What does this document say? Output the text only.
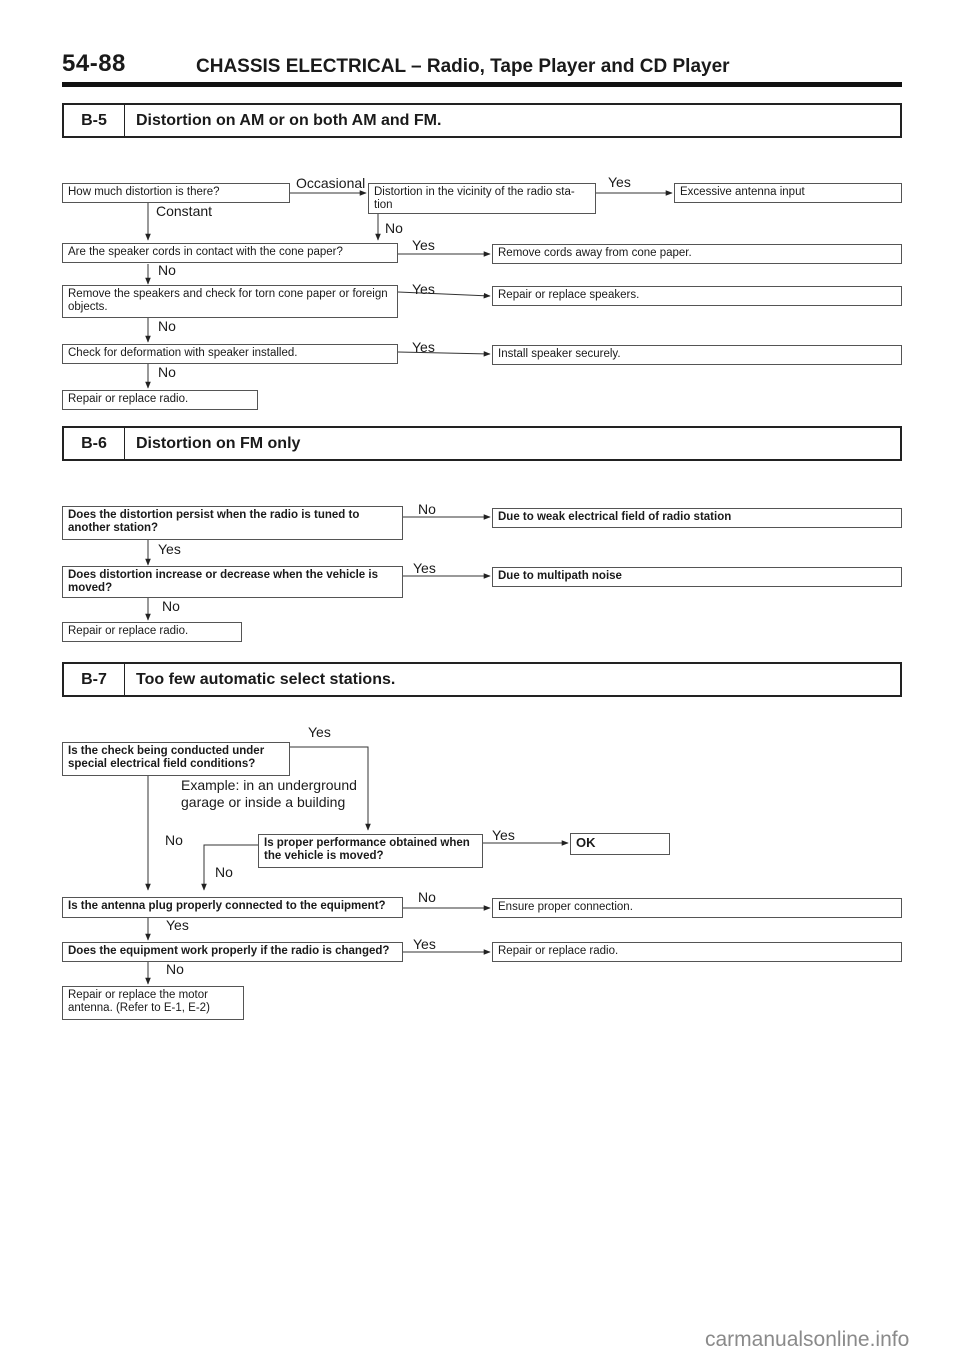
54-88	CHASSIS ELECTRICAL – Radio, Tape Player and CD Player
B-5	Distortion on AM or on both AM and FM.
How much distortion is there?
Occasional
Constant
Distortion in the vicinity of the radio sta- tion
Yes
Excessive antenna input
No
Are the speaker cords in contact with the cone paper?	Yes	Remove cords away from cone paper.
No
Remove the speakers and check for torn cone paper or foreign objects.
Yes	Repair or replace speakers.
No
Check for deformation with speaker installed.	Yes	Install speaker securely.
No
Repair or replace radio.
B-6	Distortion on FM only
Does the distortion persist when the radio is tuned to another station?
No	Due to weak electrical field of radio station
Yes
Does distortion increase or decrease when the vehicle is moved?
Yes	Due to multipath noise
No
Repair or replace radio.
B-7	Too few automatic select stations.
Yes
Is the check being conducted under special electrical field conditions?
Example: in an underground
garage or inside a building
No	Is proper performance obtained when the vehicle is moved?
Yes	OK
No
Is the antenna plug properly connected to the equipment?
No
Ensure proper connection.
Yes
Does the equipment work properly if the radio is changed?	Yes	Repair or replace radio.
No
Repair or replace the motor antenna. (Refer to E-1, E-2)
carmanualsonline.info
